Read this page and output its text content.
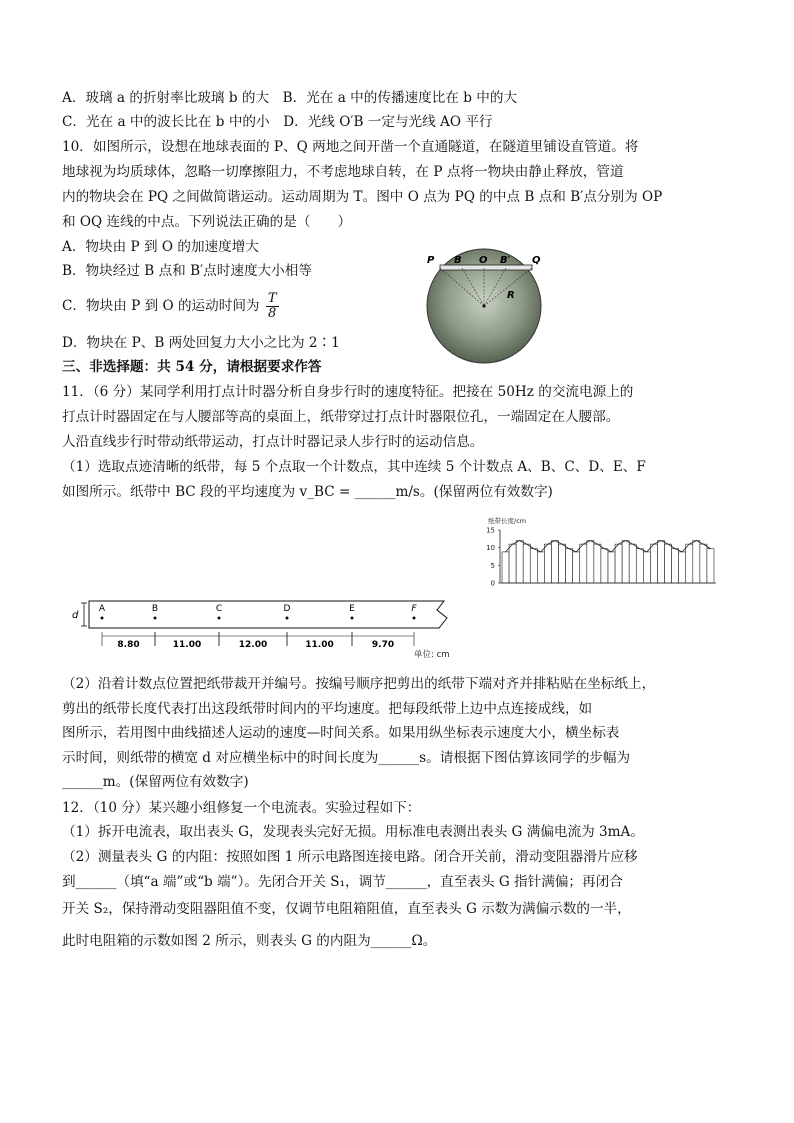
A．玻璃 a 的折射率比玻璃 b 的大　 B．光在 a 中的传播速度比在 b 中的大
C．光在 a 中的波长比在 b 中的小　 D．光线 O′B 一定与光线 AO 平行
10．如图所示，设想在地球表面的 P、Q 两地之间开凿一个直通隧道，在隧道里铺设直管道。将
地球视为均质球体，忽略一切摩擦阻力，不考虑地球自转，在 P 点将一物块由静止释放，管道
内的物块会在 PQ 之间做简谐运动。运动周期为 T。图中 O 点为 PQ 的中点 B 点和 B′点分别为 OP
和 OQ 连线的中点。下列说法正确的是（　　）
A．物块由 P 到 O 的加速度增大
B．物块经过 B 点和 B′点时速度大小相等
C．物块由 P 到 O 的运动时间为 $\frac{T}{8}$
D．物块在 P、B 两处回复力大小之比为 2∶1
P B O B′ Q
R
三、非选择题：共 54 分，请根据要求作答
11．（6 分）某同学利用打点计时器分析自身步行时的速度特征。把接在 50Hz 的交流电源上的
打点计时器固定在与人腰部等高的桌面上，纸带穿过打点计时器限位孔，一端固定在人腰部。
人沿直线步行时带动纸带运动，打点计时器记录人步行时的运动信息。
（1）选取点迹清晰的纸带，每 5 个点取一个计数点，其中连续 5 个计数点 A、B、C、D、E、F
如图所示。纸带中 BC 段的平均速度为 v_BC = ______m/s。(保留两位有效数字)
纸带长度/cm
0
5
10
15
d
A	B	C	D	E	F
8.80	11.00	12.00	11.00	9.70
单位: cm
（2）沿着计数点位置把纸带裁开并编号。按编号顺序把剪出的纸带下端对齐并排粘贴在坐标纸上，
剪出的纸带长度代表打出这段纸带时间内的平均速度。把每段纸带上边中点连接成线，如
图所示，若用图中曲线描述人运动的速度—时间关系。如果用纵坐标表示速度大小，横坐标表
示时间，则纸带的横宽 d 对应横坐标中的时间长度为______s。请根据下图估算该同学的步幅为
______m。(保留两位有效数字)
12．（10 分）某兴趣小组修复一个电流表。实验过程如下：
（1）拆开电流表，取出表头 G，发现表头完好无损。用标准电表测出表头 G 满偏电流为 3mA。
（2）测量表头 G 的内阻：按照如图 1 所示电路图连接电路。闭合开关前，滑动变阻器滑片应移
到______（填“a 端”或“b 端”）。先闭合开关 S₁，调节______，直至表头 G 指针满偏；再闭合
开关 S₂，保持滑动变阻器阻值不变，仅调节电阻箱阻值，直至表头 G 示数为满偏示数的一半，
此时电阻箱的示数如图 2 所示，则表头 G 的内阻为______Ω。
